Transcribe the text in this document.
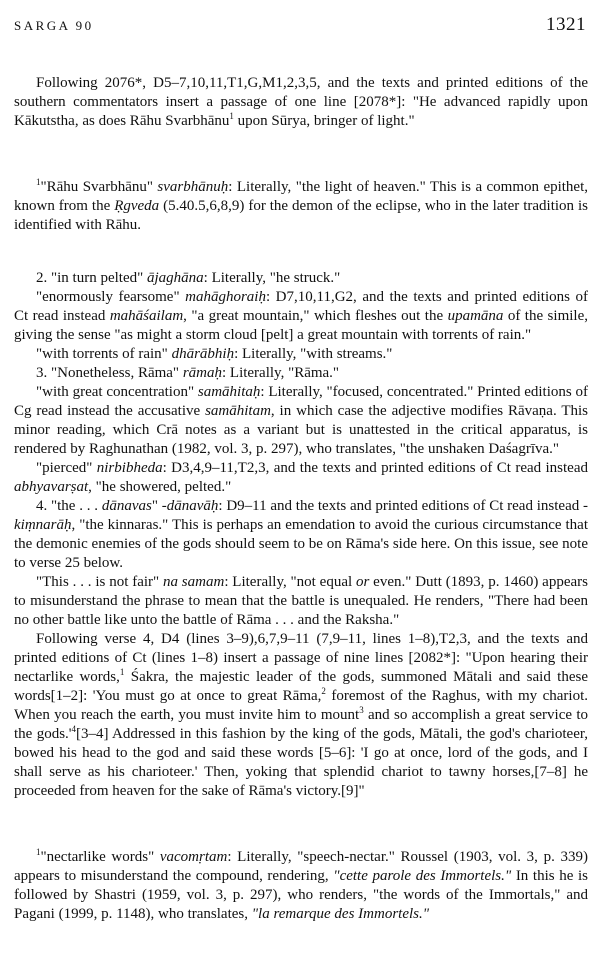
SARGA 90	1321

Following 2076*, D5–7,10,11,T1,G,M1,2,3,5, and the texts and printed editions of the southern commentators insert a passage of one line [2078*]: "He advanced rapidly upon Kākutstha, as does Rāhu Svarbhānu$^1$ upon Sūrya, bringer of light."

$^1$"Rāhu Svarbhānu" svarbhānuḥ: Literally, "the light of heaven." This is a common epithet, known from the Ṛgveda (5.40.5,6,8,9) for the demon of the eclipse, who in the later tradition is identified with Rāhu.

2. "in turn pelted" ājaghāna: Literally, "he struck."

"enormously fearsome" mahāghoraiḥ: D7,10,11,G2, and the texts and printed editions of Ct read instead mahāśailam, "a great mountain," which fleshes out the upamāna of the simile, giving the sense "as might a storm cloud [pelt] a great mountain with torrents of rain."

"with torrents of rain" dhārābhiḥ: Literally, "with streams."

3. "Nonetheless, Rāma" rāmaḥ: Literally, "Rāma."

"with great concentration" samāhitaḥ: Literally, "focused, concentrated." Printed editions of Cg read instead the accusative samāhitam, in which case the adjective modifies Rāvaṇa. This minor reading, which Crā notes as a variant but is unattested in the critical apparatus, is rendered by Raghunathan (1982, vol. 3, p. 297), who translates, "the unshaken Daśagrīva."

"pierced" nirbibheda: D3,4,9–11,T2,3, and the texts and printed editions of Ct read instead abhyavarṣat, "he showered, pelted."

4. "the . . . dānavas" -dānavāḥ: D9–11 and the texts and printed editions of Ct read instead -kiṃnarāḥ, "the kinnaras." This is perhaps an emendation to avoid the curious circumstance that the demonic enemies of the gods should seem to be on Rāma's side here. On this issue, see note to verse 25 below.

"This . . . is not fair" na samam: Literally, "not equal or even." Dutt (1893, p. 1460) appears to misunderstand the phrase to mean that the battle is unequaled. He renders, "There had been no other battle like unto the battle of Rāma . . . and the Raksha."

Following verse 4, D4 (lines 3–9),6,7,9–11 (7,9–11, lines 1–8),T2,3, and the texts and printed editions of Ct (lines 1–8) insert a passage of nine lines [2082*]: "Upon hearing their nectarlike words,$^1$ Śakra, the majestic leader of the gods, summoned Mātali and said these words[1–2]: 'You must go at once to great Rāma,$^2$ foremost of the Raghus, with my chariot. When you reach the earth, you must invite him to mount$^3$ and so accomplish a great service to the $gods.'^4[3-4]$ Addressed in this fashion by the king of the gods, Mātali, the god's charioteer, bowed his head to the god and said these words [5–6]: 'I go at once, lord of the gods, and I shall serve as his charioteer.' Then, yoking that splendid chariot to tawny horses,[7–8] he proceeded from heaven for the sake of Rāma's victory.[9]"

$^1$"nectarlike words" vacomṛtam: Literally, "speech-nectar." Roussel (1903, vol. 3, p. 339) appears to misunderstand the compound, rendering, "cette parole des Immortels." In this he is followed by Shastri (1959, vol. 3, p. 297), who renders, "the words of the Immortals," and Pagani (1999, p. 1148), who translates, "la remarque des Immortels."
